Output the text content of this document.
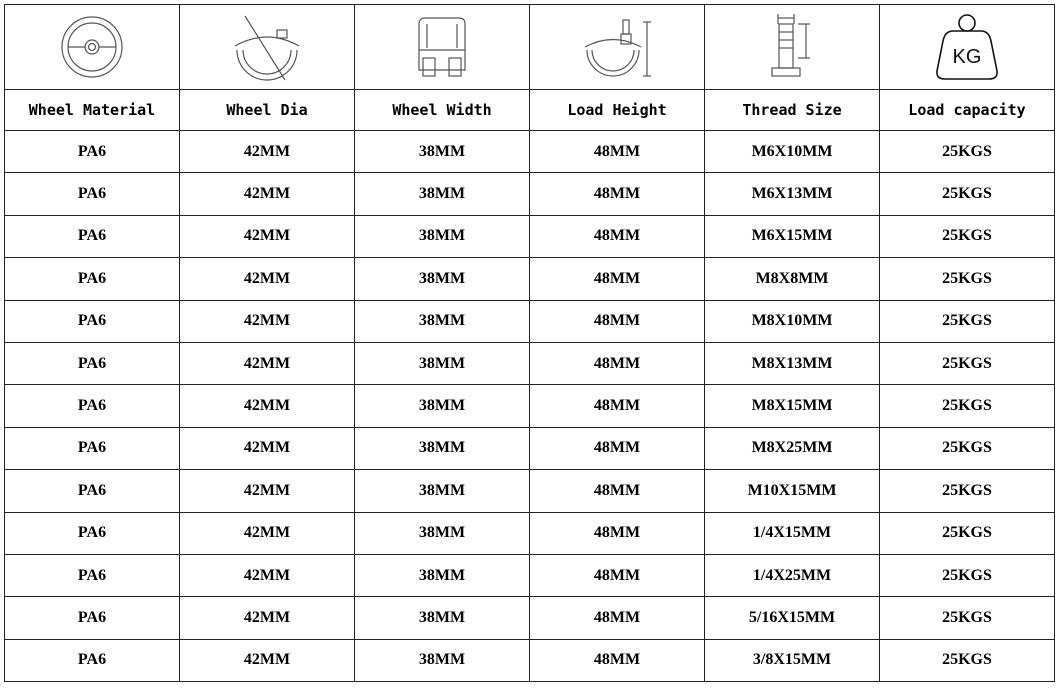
KG

Wheel Material	Wheel Dia	Wheel Width	Load Height	Thread Size	Load capacity
PA6	42MM	38MM	48MM	M6X10MM	25KGS
PA6	42MM	38MM	48MM	M6X13MM	25KGS
PA6	42MM	38MM	48MM	M6X15MM	25KGS
PA6	42MM	38MM	48MM	M8X8MM	25KGS
PA6	42MM	38MM	48MM	M8X10MM	25KGS
PA6	42MM	38MM	48MM	M8X13MM	25KGS
PA6	42MM	38MM	48MM	M8X15MM	25KGS
PA6	42MM	38MM	48MM	M8X25MM	25KGS
PA6	42MM	38MM	48MM	M10X15MM	25KGS
PA6	42MM	38MM	48MM	1/4X15MM	25KGS
PA6	42MM	38MM	48MM	1/4X25MM	25KGS
PA6	42MM	38MM	48MM	5/16X15MM	25KGS
PA6	42MM	38MM	48MM	3/8X15MM	25KGS
